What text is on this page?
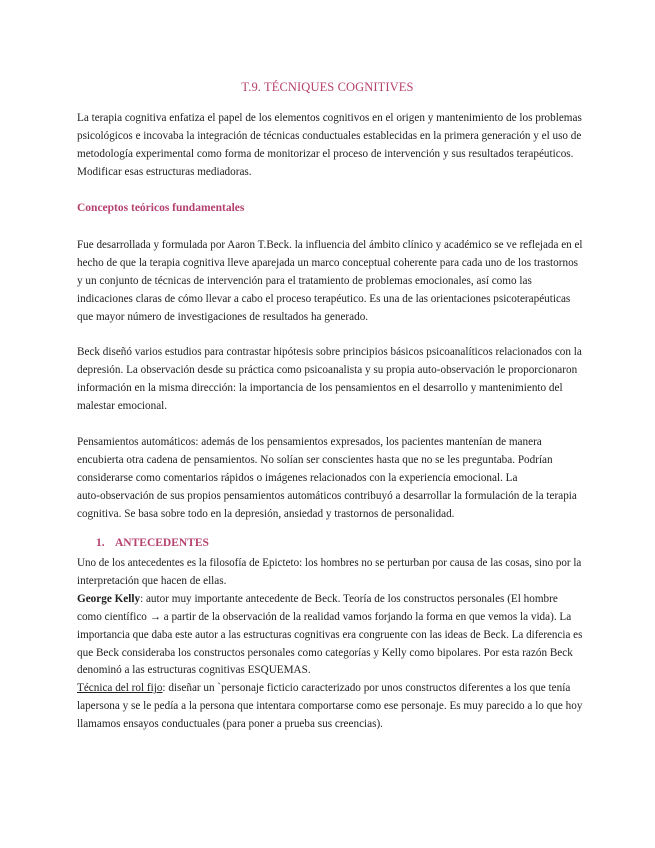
T.9. TÉCNIQUES COGNITIVES
La terapia cognitiva enfatiza el papel de los elementos cognitivos en el origen y mantenimiento de los problemas
psicológicos e incovaba la integración de técnicas conductuales establecidas en la primera generación y el uso de
metodología experimental como forma de monitorizar el proceso de intervención y sus resultados terapéuticos.
Modificar esas estructuras mediadoras.
Conceptos teóricos fundamentales
Fue desarrollada y formulada por Aaron T.Beck. la influencia del ámbito clínico y académico se ve reflejada en el
hecho de que la terapia cognitiva lleve aparejada un marco conceptual coherente para cada uno de los trastornos
y un conjunto de técnicas de intervención para el tratamiento de problemas emocionales, así como las
indicaciones claras de cómo llevar a cabo el proceso terapéutico. Es una de las orientaciones psicoterapéuticas
que mayor número de investigaciones de resultados ha generado.
Beck diseñó varios estudios para contrastar hipótesis sobre principios básicos psicoanalíticos relacionados con la
depresión. La observación desde su práctica como psicoanalista y su propia auto-observación le proporcionaron
información en la misma dirección: la importancia de los pensamientos en el desarrollo y mantenimiento del
malestar emocional.
Pensamientos automáticos: además de los pensamientos expresados, los pacientes mantenían de manera
encubierta otra cadena de pensamientos. No solían ser conscientes hasta que no se les preguntaba. Podrían
considerarse como comentarios rápidos o imágenes relacionados con la experiencia emocional. La
auto-observación de sus propios pensamientos automáticos contribuyó a desarrollar la formulación de la terapia
cognitiva. Se basa sobre todo en la depresión, ansiedad y trastornos de personalidad.
1. ANTECEDENTES
Uno de los antecedentes es la filosofía de Epicteto: los hombres no se perturban por causa de las cosas, sino por la
interpretación que hacen de ellas.
George Kelly: autor muy importante antecedente de Beck. Teoría de los constructos personales (El hombre
como científico → a partir de la observación de la realidad vamos forjando la forma en que vemos la vida). La
importancia que daba este autor a las estructuras cognitivas era congruente con las ideas de Beck. La diferencia es
que Beck consideraba los constructos personales como categorías y Kelly como bipolares. Por esta razón Beck
denominó a las estructuras cognitivas ESQUEMAS.
Técnica del rol fijo: diseñar un `personaje ficticio caracterizado por unos constructos diferentes a los que tenía
lapersona y se le pedía a la persona que intentara comportarse como ese personaje. Es muy parecido a lo que hoy
llamamos ensayos conductuales (para poner a prueba sus creencias).
